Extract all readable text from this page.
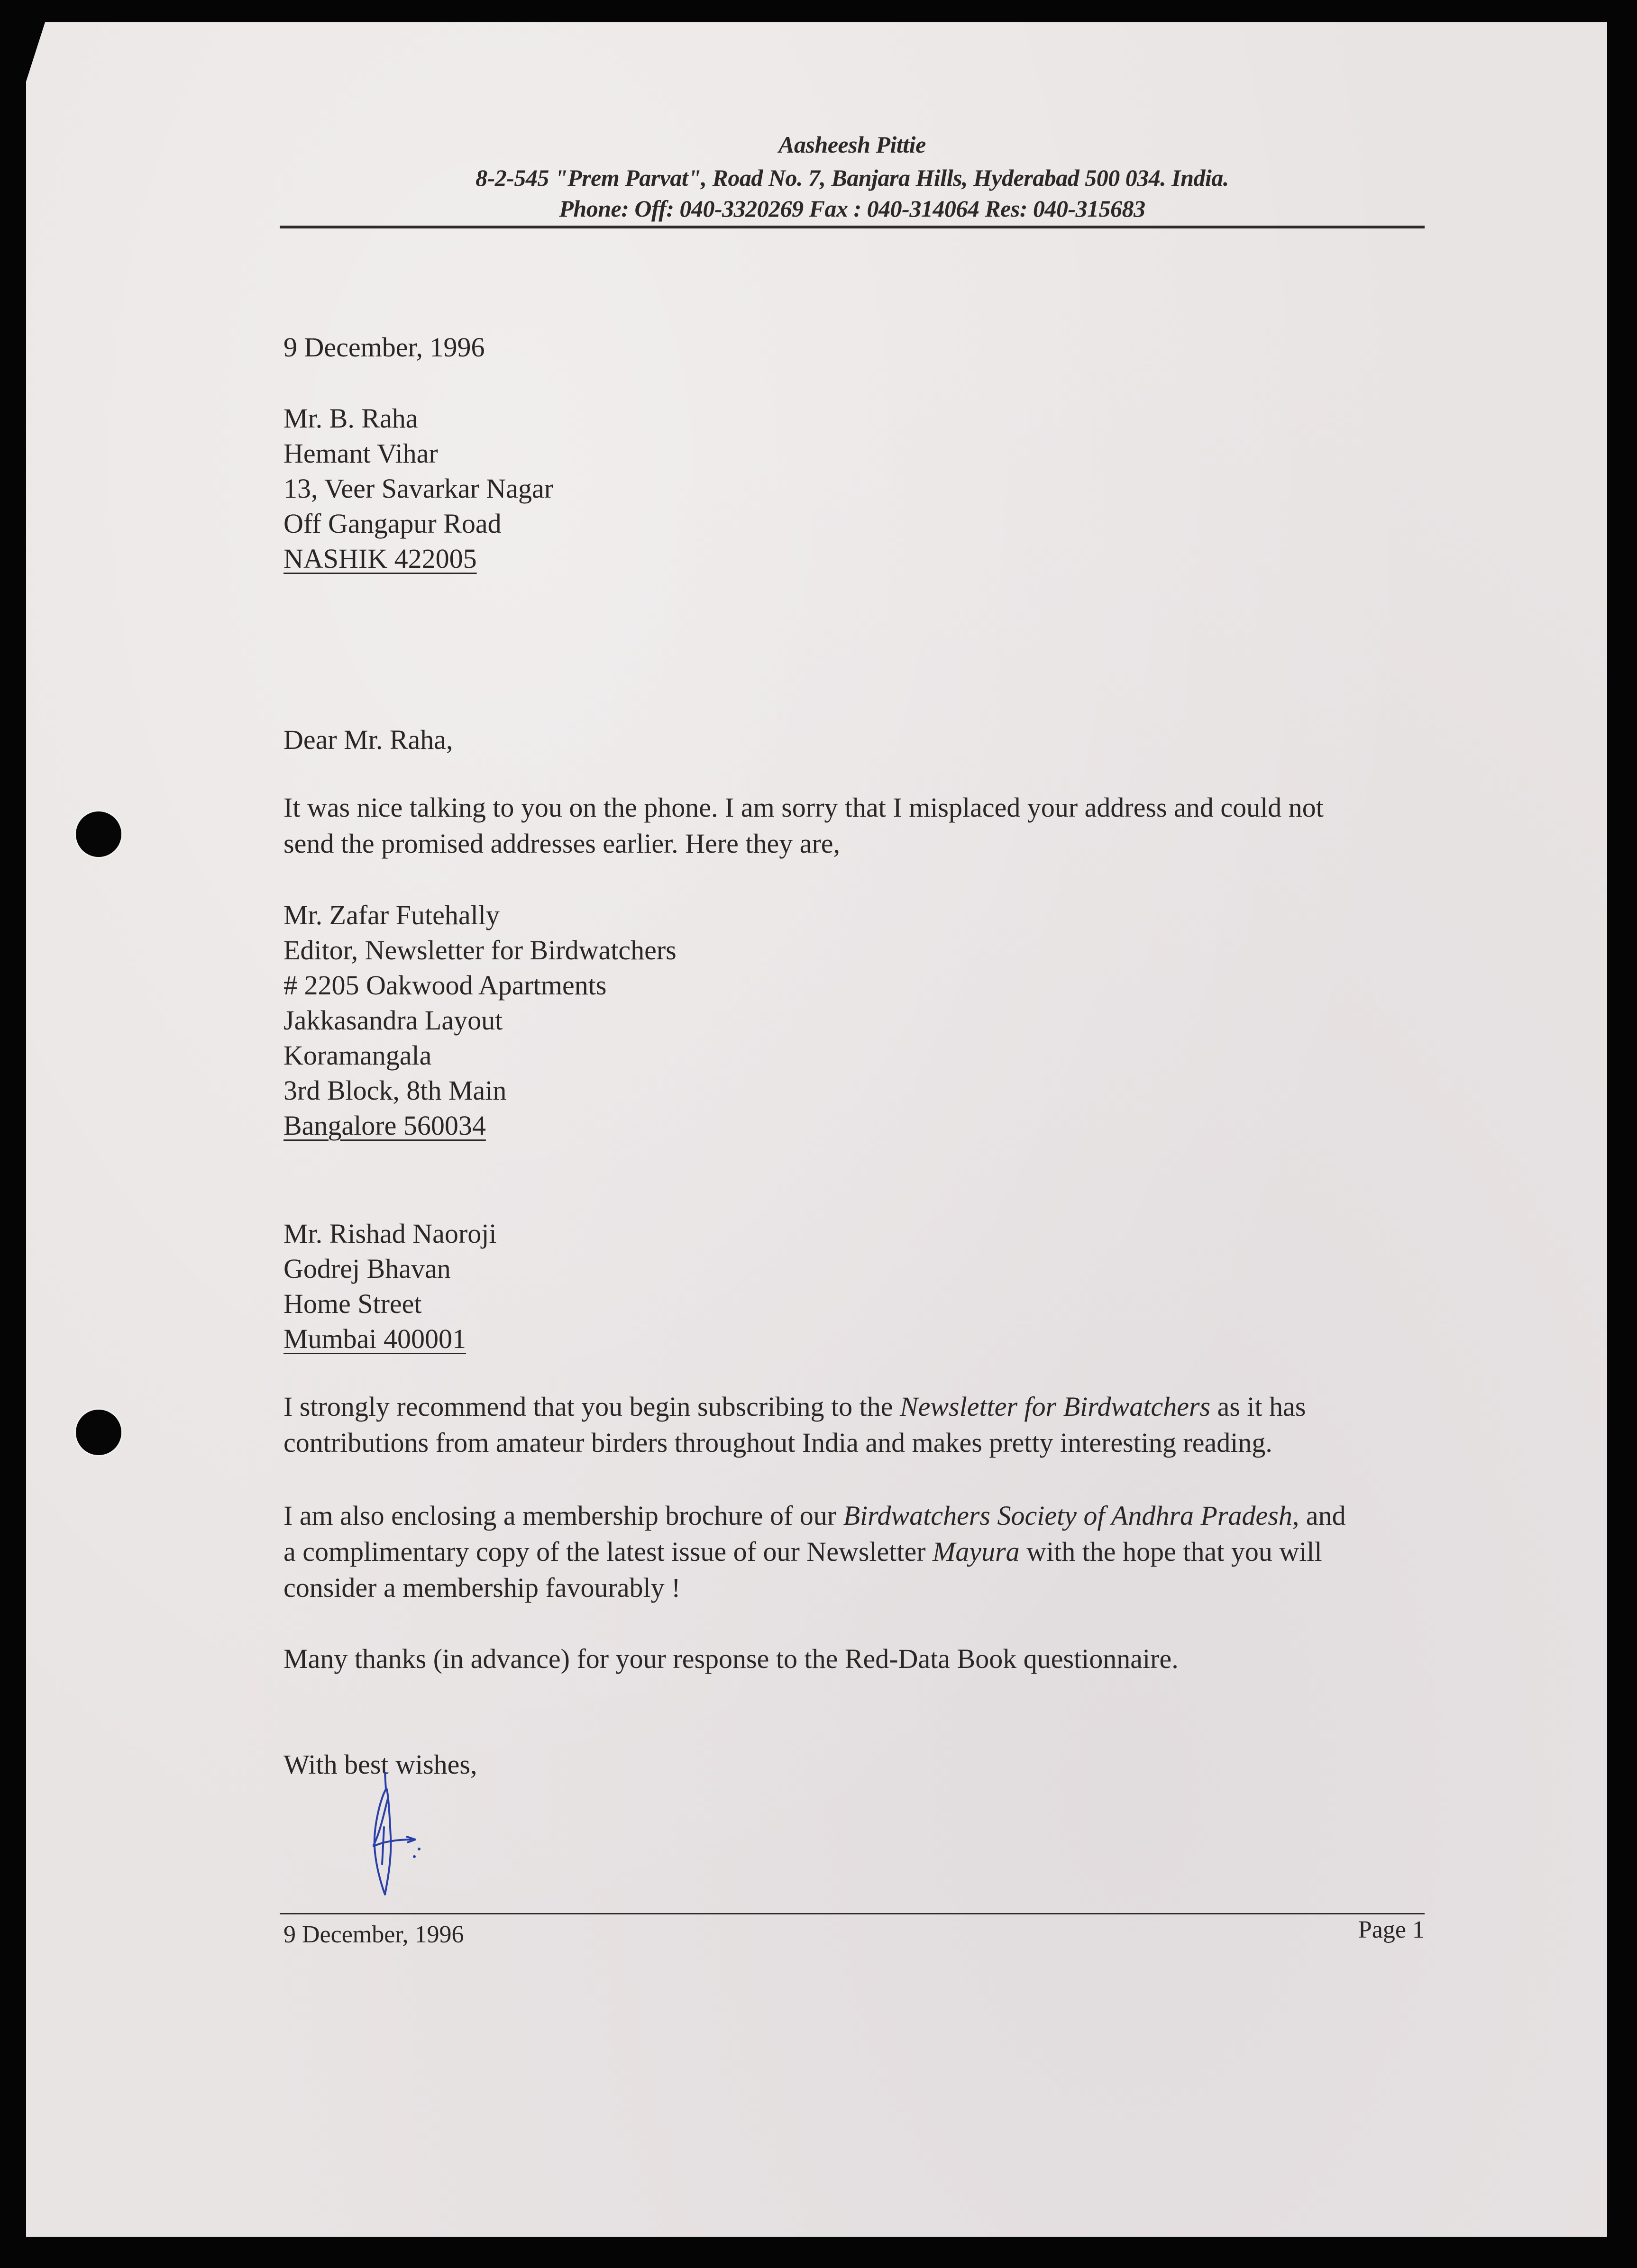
Aasheesh Pittie
8-2-545 "Prem Parvat", Road No. 7, Banjara Hills, Hyderabad 500 034. India.
Phone: Off: 040-3320269 Fax : 040-314064 Res: 040-315683
9 December, 1996
Mr. B. Raha
Hemant Vihar
13, Veer Savarkar Nagar
Off Gangapur Road
NASHIK 422005
Dear Mr. Raha,

It was nice talking to you on the phone. I am sorry that I misplaced your address and could not

send the promised addresses earlier. Here they are,

Mr. Zafar Futehally
Editor, Newsletter for Birdwatchers
# 2205 Oakwood Apartments
Jakkasandra Layout
Koramangala
3rd Block, 8th Main
Bangalore 560034
Mr. Rishad Naoroji
Godrej Bhavan
Home Street
Mumbai 400001

I strongly recommend that you begin subscribing to the Newsletter for Birdwatchers as it has

contributions from amateur birders throughout India and makes pretty interesting reading.

I am also enclosing a membership brochure of our Birdwatchers Society of Andhra Pradesh, and

a complimentary copy of the latest issue of our Newsletter Mayura with the hope that you will

consider a membership favourably !

Many thanks (in advance) for your response to the Red-Data Book questionnaire.

With best wishes,
9 December, 1996	Page 1
